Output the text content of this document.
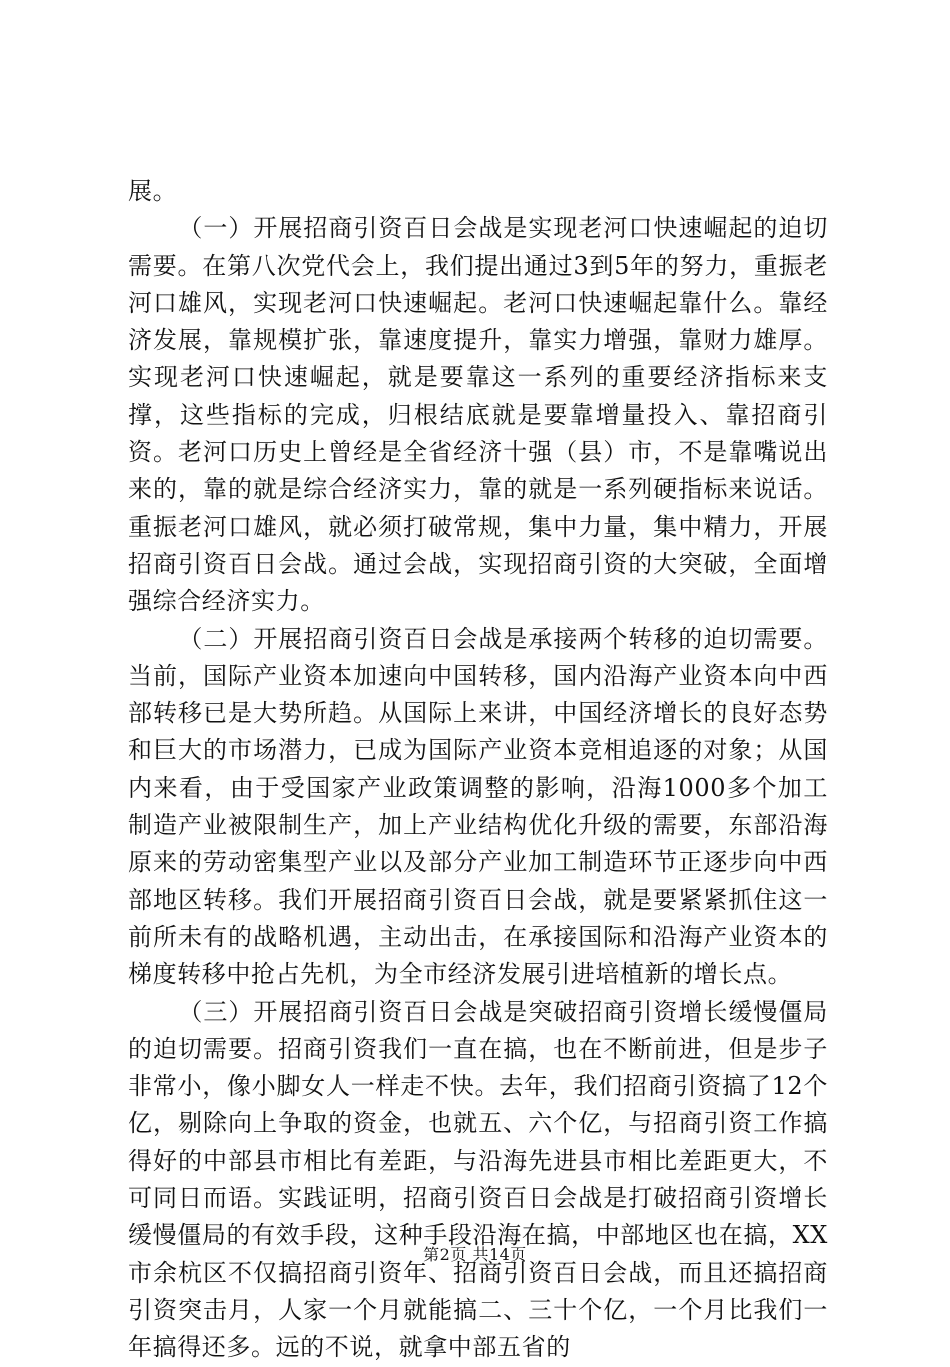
展。

（一）开展招商引资百日会战是实现老河口快速崛起的迫切需要。在第八次党代会上，我们提出通过3到5年的努力，重振老河口雄风，实现老河口快速崛起。老河口快速崛起靠什么。靠经济发展，靠规模扩张，靠速度提升，靠实力增强，靠财力雄厚。实现老河口快速崛起，就是要靠这一系列的重要经济指标来支撑，这些指标的完成，归根结底就是要靠增量投入、靠招商引资。老河口历史上曾经是全省经济十强（县）市，不是靠嘴说出来的，靠的就是综合经济实力，靠的就是一系列硬指标来说话。重振老河口雄风，就必须打破常规，集中力量，集中精力，开展招商引资百日会战。通过会战，实现招商引资的大突破，全面增强综合经济实力。

（二）开展招商引资百日会战是承接两个转移的迫切需要。当前，国际产业资本加速向中国转移，国内沿海产业资本向中西部转移已是大势所趋。从国际上来讲，中国经济增长的良好态势和巨大的市场潜力，已成为国际产业资本竞相追逐的对象；从国内来看，由于受国家产业政策调整的影响，沿海1000多个加工制造产业被限制生产，加上产业结构优化升级的需要，东部沿海原来的劳动密集型产业以及部分产业加工制造环节正逐步向中西部地区转移。我们开展招商引资百日会战，就是要紧紧抓住这一前所未有的战略机遇，主动出击，在承接国际和沿海产业资本的梯度转移中抢占先机，为全市经济发展引进培植新的增长点。

（三）开展招商引资百日会战是突破招商引资增长缓慢僵局的迫切需要。招商引资我们一直在搞，也在不断前进，但是步子非常小，像小脚女人一样走不快。去年，我们招商引资搞了12个亿，剔除向上争取的资金，也就五、六个亿，与招商引资工作搞得好的中部县市相比有差距，与沿海先进县市相比差距更大，不可同日而语。实践证明，招商引资百日会战是打破招商引资增长缓慢僵局的有效手段，这种手段沿海在搞，中部地区也在搞，XX市余杭区不仅搞招商引资年、招商引资百日会战，而且还搞招商引资突击月，人家一个月就能搞二、三十个亿，一个月比我们一年搞得还多。远的不说，就拿中部五省的

第2页 共14页
